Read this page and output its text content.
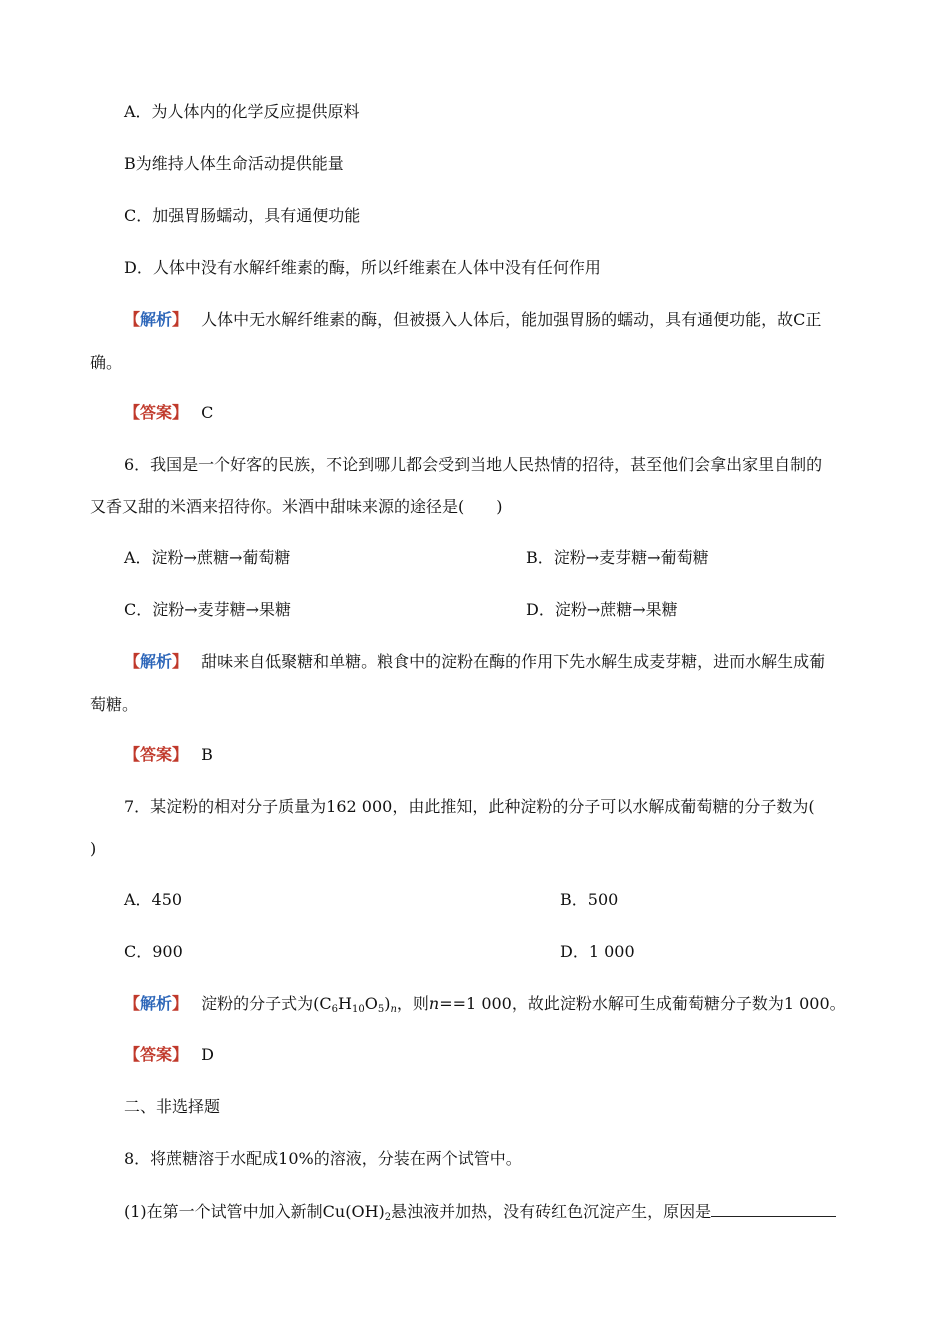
A．为人体内的化学反应提供原料
B为维持人体生命活动提供能量
C．加强胃肠蠕动，具有通便功能
D．人体中没有水解纤维素的酶，所以纤维素在人体中没有任何作用
【解析】 人体中无水解纤维素的酶，但被摄入人体后，能加强胃肠的蠕动，具有通便功能，故C正
确。
【答案】 C
6．我国是一个好客的民族，不论到哪儿都会受到当地人民热情的招待，甚至他们会拿出家里自制的
又香又甜的米酒来招待你。米酒中甜味来源的途径是(　　)
A．淀粉→蔗糖→葡萄糖	B．淀粉→麦芽糖→葡萄糖
C．淀粉→麦芽糖→果糖	D．淀粉→蔗糖→果糖
【解析】 甜味来自低聚糖和单糖。粮食中的淀粉在酶的作用下先水解生成麦芽糖，进而水解生成葡
萄糖。
【答案】 B
7．某淀粉的相对分子质量为162 000，由此推知，此种淀粉的分子可以水解成葡萄糖的分子数为(
)
A．450	B．500
C．900	D．1 000
【解析】 淀粉的分子式为$(C_6H_{10}O_5)_n$，则n==1 000，故此淀粉水解可生成葡萄糖分子数为1 000。
【答案】 D
二、非选择题
8．将蔗糖溶于水配成10%的溶液，分装在两个试管中。
(1)在第一个试管中加入新制$Cu(OH)_2$悬浊液并加热，没有砖红色沉淀产生，原因是
